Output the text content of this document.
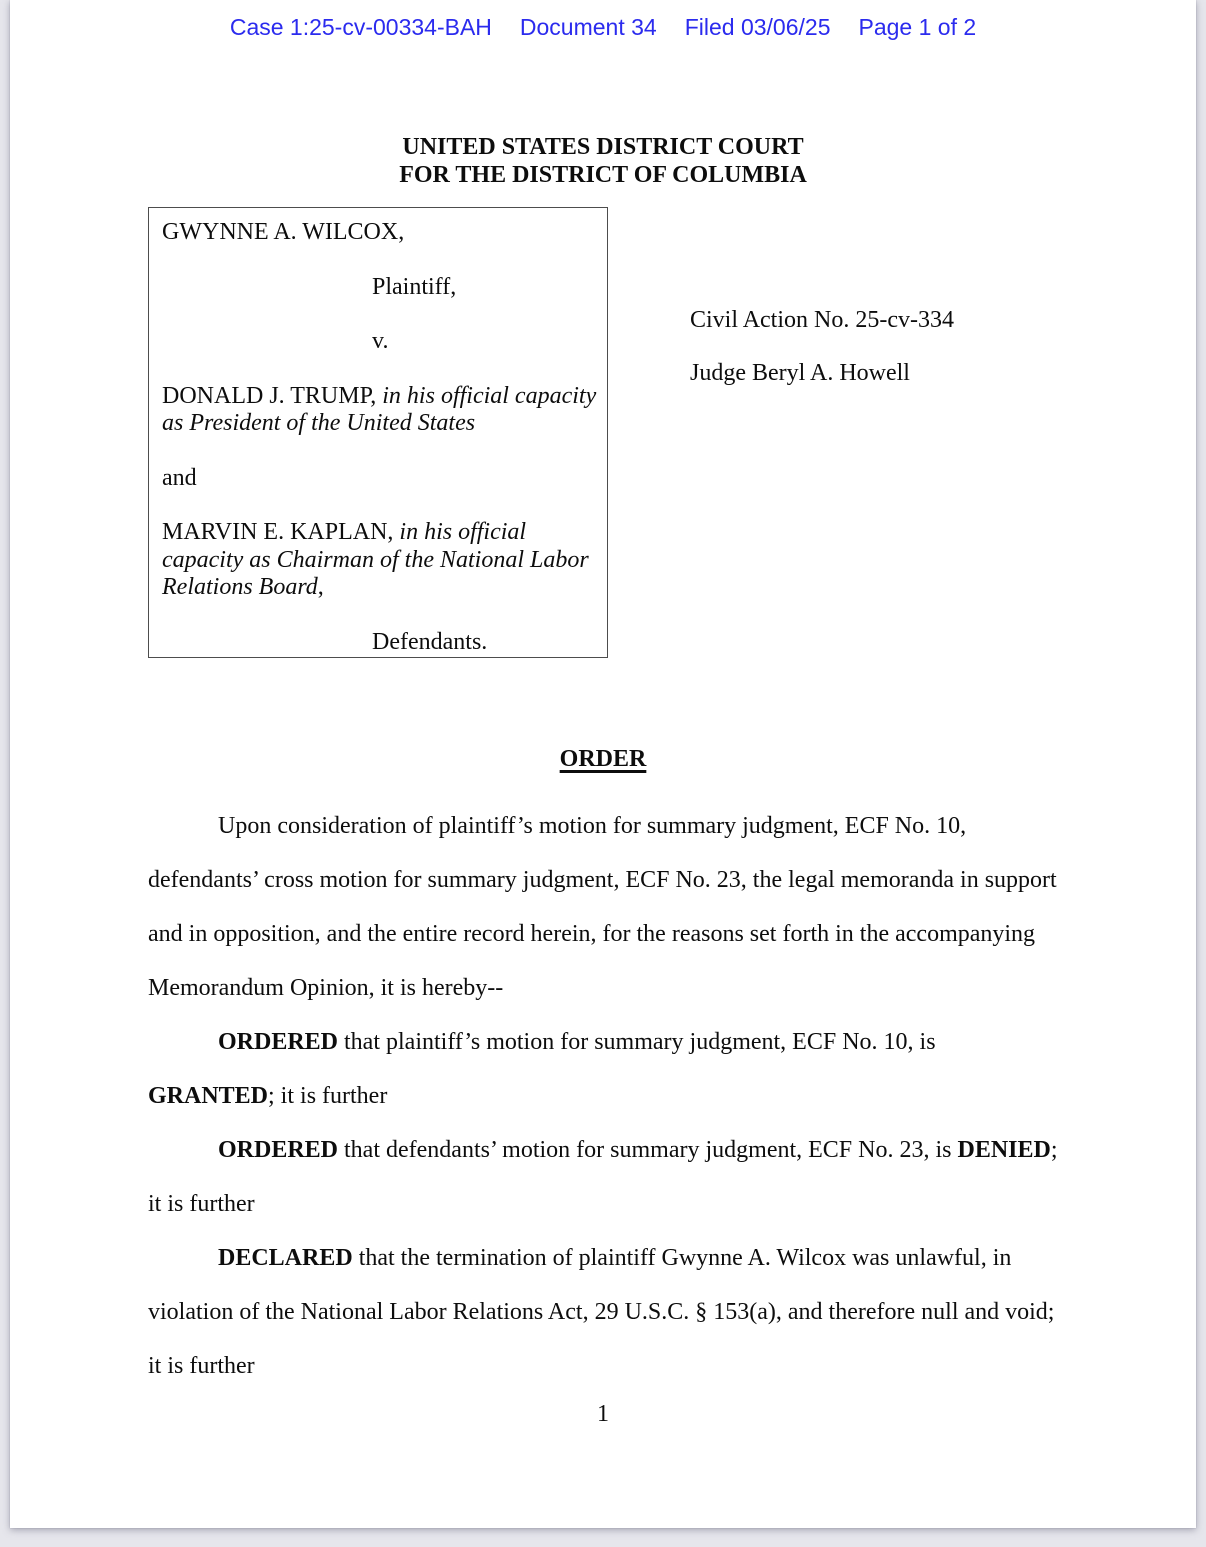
Case 1:25-cv-00334-BAH Document 34 Filed 03/06/25 Page 1 of 2
UNITED STATES DISTRICT COURT
FOR THE DISTRICT OF COLUMBIA
GWYNNE A. WILCOX,
Plaintiff,
v.
DONALD J. TRUMP, in his official capacity as President of the United States
and
MARVIN E. KAPLAN, in his official capacity as Chairman of the National Labor Relations Board,
Defendants.
Civil Action No. 25-cv-334
Judge Beryl A. Howell
ORDER

Upon consideration of plaintiff’s motion for summary judgment, ECF No. 10, defendants’ cross motion for summary judgment, ECF No. 23, the legal memoranda in support and in opposition, and the entire record herein, for the reasons set forth in the accompanying Memorandum Opinion, it is hereby--

ORDERED that plaintiff’s motion for summary judgment, ECF No. 10, is GRANTED; it is further

ORDERED that defendants’ motion for summary judgment, ECF No. 23, is DENIED; it is further

DECLARED that the termination of plaintiff Gwynne A. Wilcox was unlawful, in violation of the National Labor Relations Act, 29 U.S.C. § 153(a), and therefore null and void; it is further

1
